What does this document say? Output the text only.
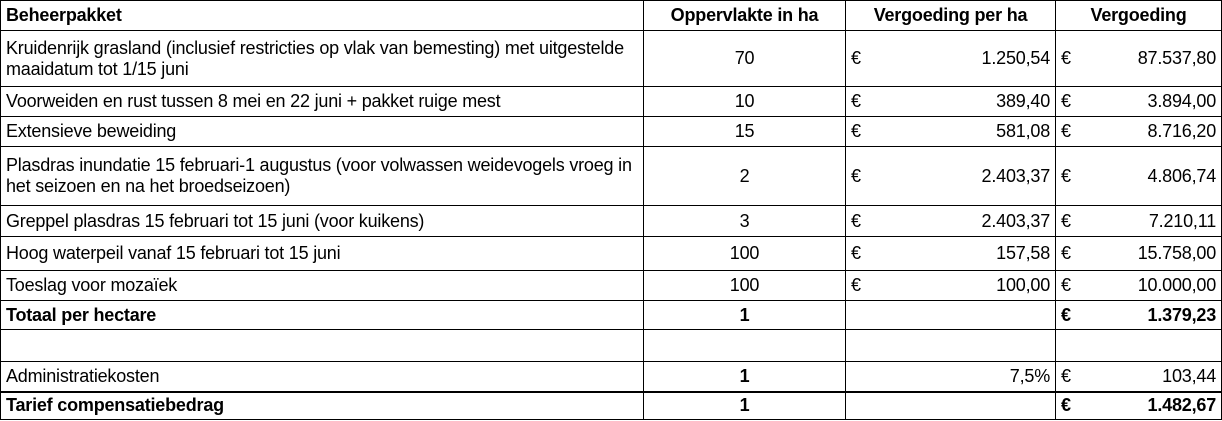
Beheerpakket	Oppervlakte in ha	Vergoeding per ha		Vergoeding	
Kruidenrijk grasland (inclusief restricties op vlak van bemesting) met uitgestelde maaidatum tot 1/15 juni	70	€	1.250,54	€	87.537,80
Voorweiden en rust tussen 8 mei en 22 juni + pakket ruige mest	10	€	389,40	€	3.894,00
Extensieve beweiding	15	€	581,08	€	8.716,20
Plasdras inundatie 15 februari-1 augustus (voor volwassen weidevogels vroeg in het seizoen en na het broedseizoen)	2	€	2.403,37	€	4.806,74
Greppel plasdras 15 februari tot 15 juni (voor kuikens)	3	€	2.403,37	€	7.210,11
Hoog waterpeil vanaf 15 februari tot 15 juni	100	€	157,58	€	15.758,00
Toeslag voor mozaïek	100	€	100,00	€	10.000,00
Totaal per hectare	1			€	1.379,23

Administratiekosten	1	7,5%		€	103,44
Tarief compensatiebedrag	1			€	1.482,67
